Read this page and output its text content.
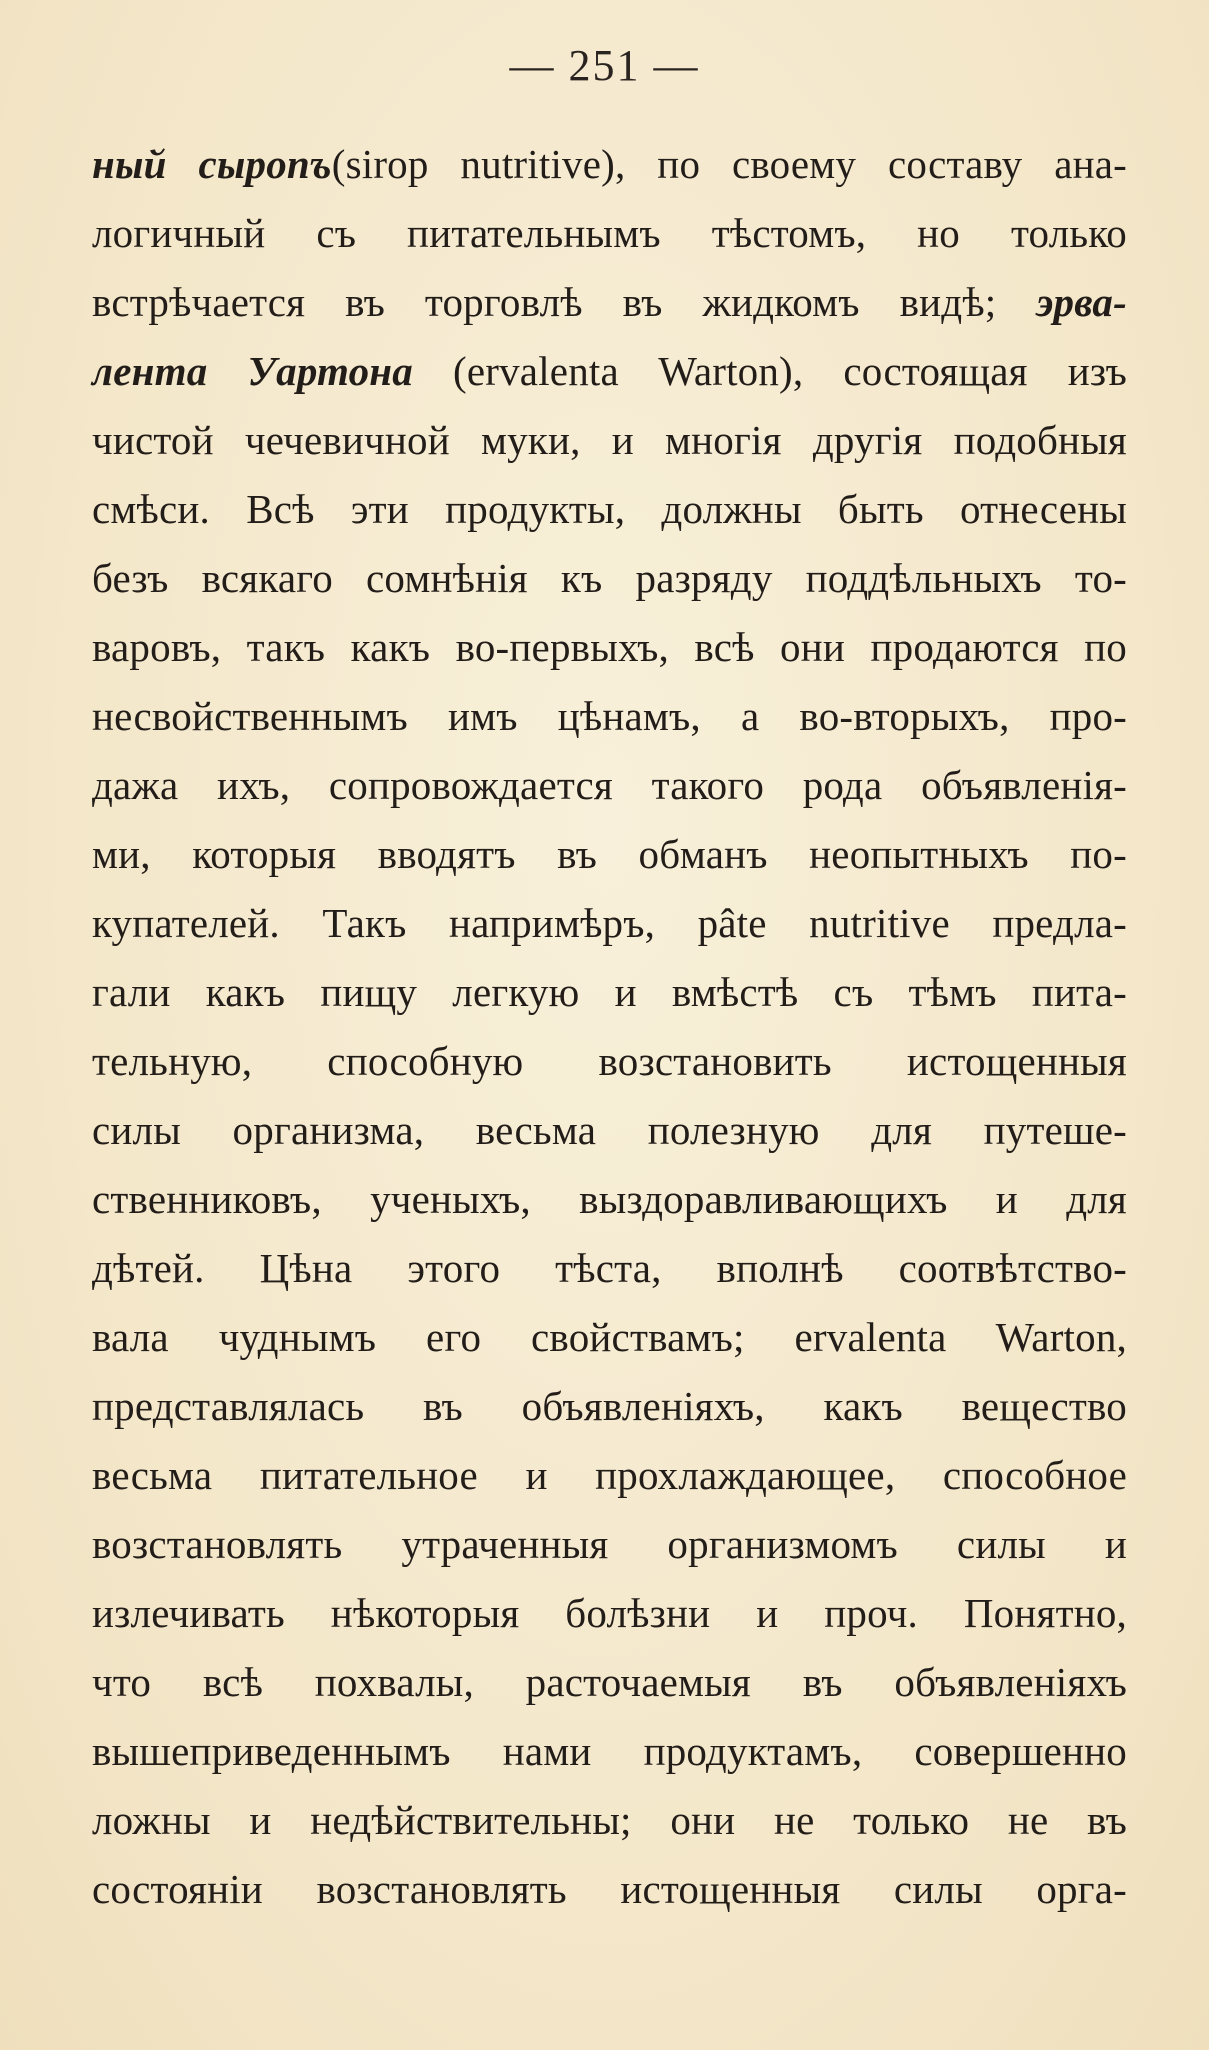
— 251 —
ный сыропъ(sirop nutritive), по своему составу ана-
логичный съ питательнымъ тѣстомъ, но только
встрѣчается въ торговлѣ въ жидкомъ видѣ; эрва-
лента Уартона (ervalenta Warton), состоящая изъ
чистой чечевичной муки, и многія другія подобныя
смѣси. Всѣ эти продукты, должны быть отнесены
безъ всякаго сомнѣнія къ разряду поддѣльныхъ то-
варовъ, такъ какъ во-первыхъ, всѣ они продаются по
несвойственнымъ имъ цѣнамъ, а во-вторыхъ, про-
дажа ихъ, сопровождается такого рода объявленія-
ми, которыя вводятъ въ обманъ неопытныхъ по-
купателей. Такъ напримѣръ, pâte nutritive предла-
гали какъ пищу легкую и вмѣстѣ съ тѣмъ пита-
тельную, способную возстановить истощенныя
силы организма, весьма полезную для путеше-
ственниковъ, ученыхъ, выздоравливающихъ и для
дѣтей. Цѣна этого тѣста, вполнѣ соотвѣтство-
вала чуднымъ его свойствамъ; ervalenta Warton,
представлялась въ объявленіяхъ, какъ вещество
весьма питательное и прохлаждающее, способное
возстановлять утраченныя организмомъ силы и
излечивать нѣкоторыя болѣзни и проч. Понятно,
что всѣ похвалы, расточаемыя въ объявленіяхъ
вышеприведеннымъ нами продуктамъ, совершенно
ложны и недѣйствительны; они не только не въ
состояніи возстановлять истощенныя силы орга-
